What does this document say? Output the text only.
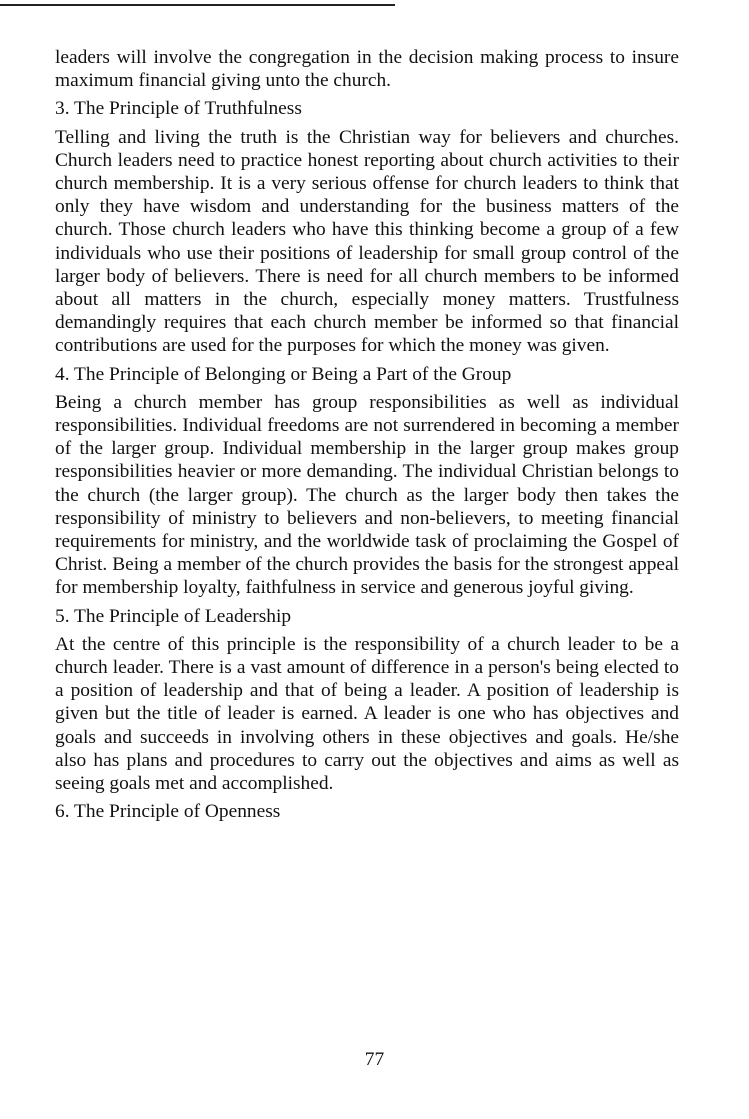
leaders will involve the congregation in the decision making process to insure maximum financial giving unto the church.

3. The Principle of Truthfulness

Telling and living the truth is the Christian way for believers and churches. Church leaders need to practice honest reporting about church activities to their church membership. It is a very serious offense for church leaders to think that only they have wisdom and understanding for the business matters of the church. Those church leaders who have this thinking become a group of a few individuals who use their positions of leadership for small group control of the larger body of believers. There is need for all church members to be informed about all matters in the church, especially money matters. Trustfulness demandingly requires that each church member be informed so that financial contributions are used for the purposes for which the money was given.

4. The Principle of Belonging or Being a Part of the Group

Being a church member has group responsibilities as well as individual responsibilities. Individual freedoms are not surrendered in becoming a member of the larger group. Individual membership in the larger group makes group responsibilities heavier or more demanding. The individual Christian belongs to the church (the larger group). The church as the larger body then takes the responsibility of ministry to believers and non-believers, to meeting financial requirements for ministry, and the worldwide task of proclaiming the Gospel of Christ. Being a member of the church provides the basis for the strongest appeal for membership loyalty, faithfulness in service and generous joyful giving.

5. The Principle of Leadership

At the centre of this principle is the responsibility of a church leader to be a church leader. There is a vast amount of difference in a person's being elected to a position of leadership and that of being a leader. A position of leadership is given but the title of leader is earned. A leader is one who has objectives and goals and succeeds in involving others in these objectives and goals. He/she also has plans and procedures to carry out the objectives and aims as well as seeing goals met and accomplished.

6. The Principle of Openness
77
